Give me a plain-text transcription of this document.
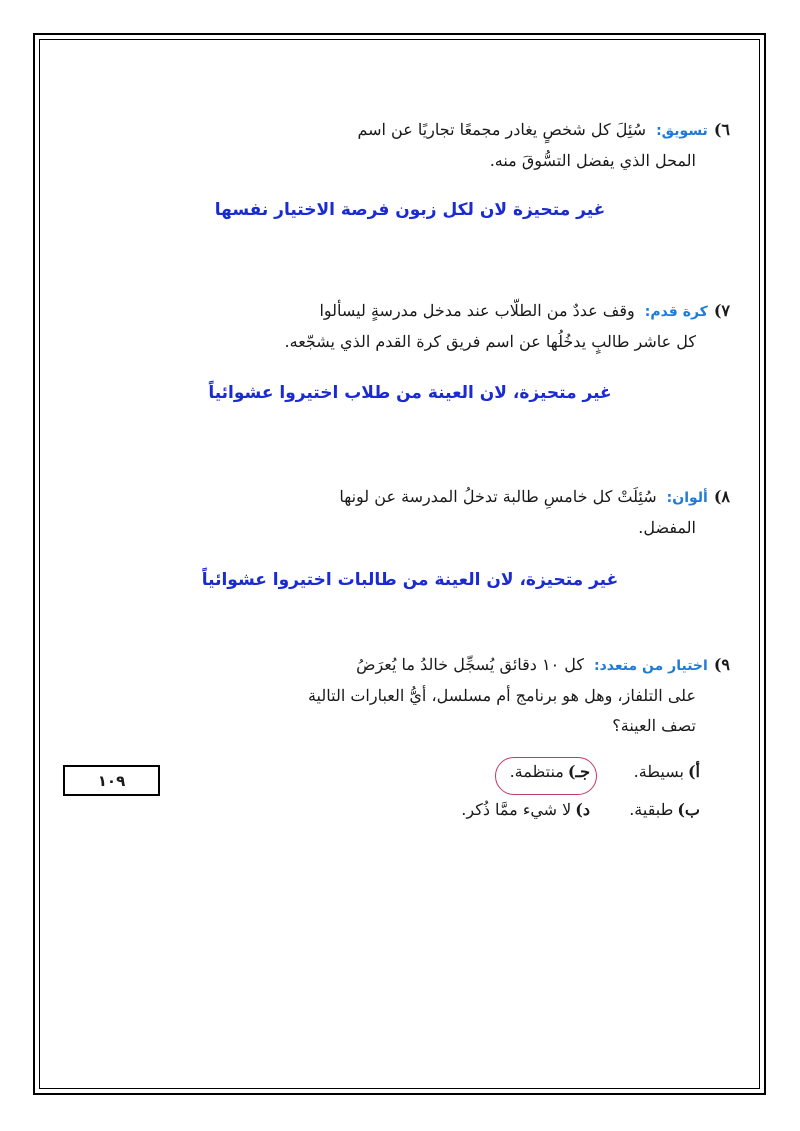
٦)تسويق:سُئِلَ كل شخصٍ يغادر مجمعًا تجاريًا عن اسم
المحل الذي يفضل التسُّوقَ منه.
غير متحيزة لان لكل زبون فرصة الاختيار نفسها
٧)كرة قدم:وقف عددٌ من الطلّاب عند مدخل مدرسةٍ ليسألوا
كل عاشر طالبٍ يدخُلُها عن اسم فريق كرة القدم الذي يشجّعه.
غير متحيزة، لان العينة من طلاب اختيروا عشوائياً
٨)ألوان:سُئِلَتْ كل خامسِ طالبة تدخلُ المدرسة عن لونها
المفضل.
غير متحيزة، لان العينة من طالبات اختيروا عشوائياً
٩)اختيار من متعدد:كل ١٠ دقائق يُسجِّل خالدُ ما يُعرَضُ
على التلفاز، وهل هو برنامج أم مسلسل، أيُّ العبارات التالية
تصف العينة؟
أ)بسيطة.
جـ)منتظمة.
ب)طبقية.
د)لا شيء ممَّا ذُكر.
١٠٩
